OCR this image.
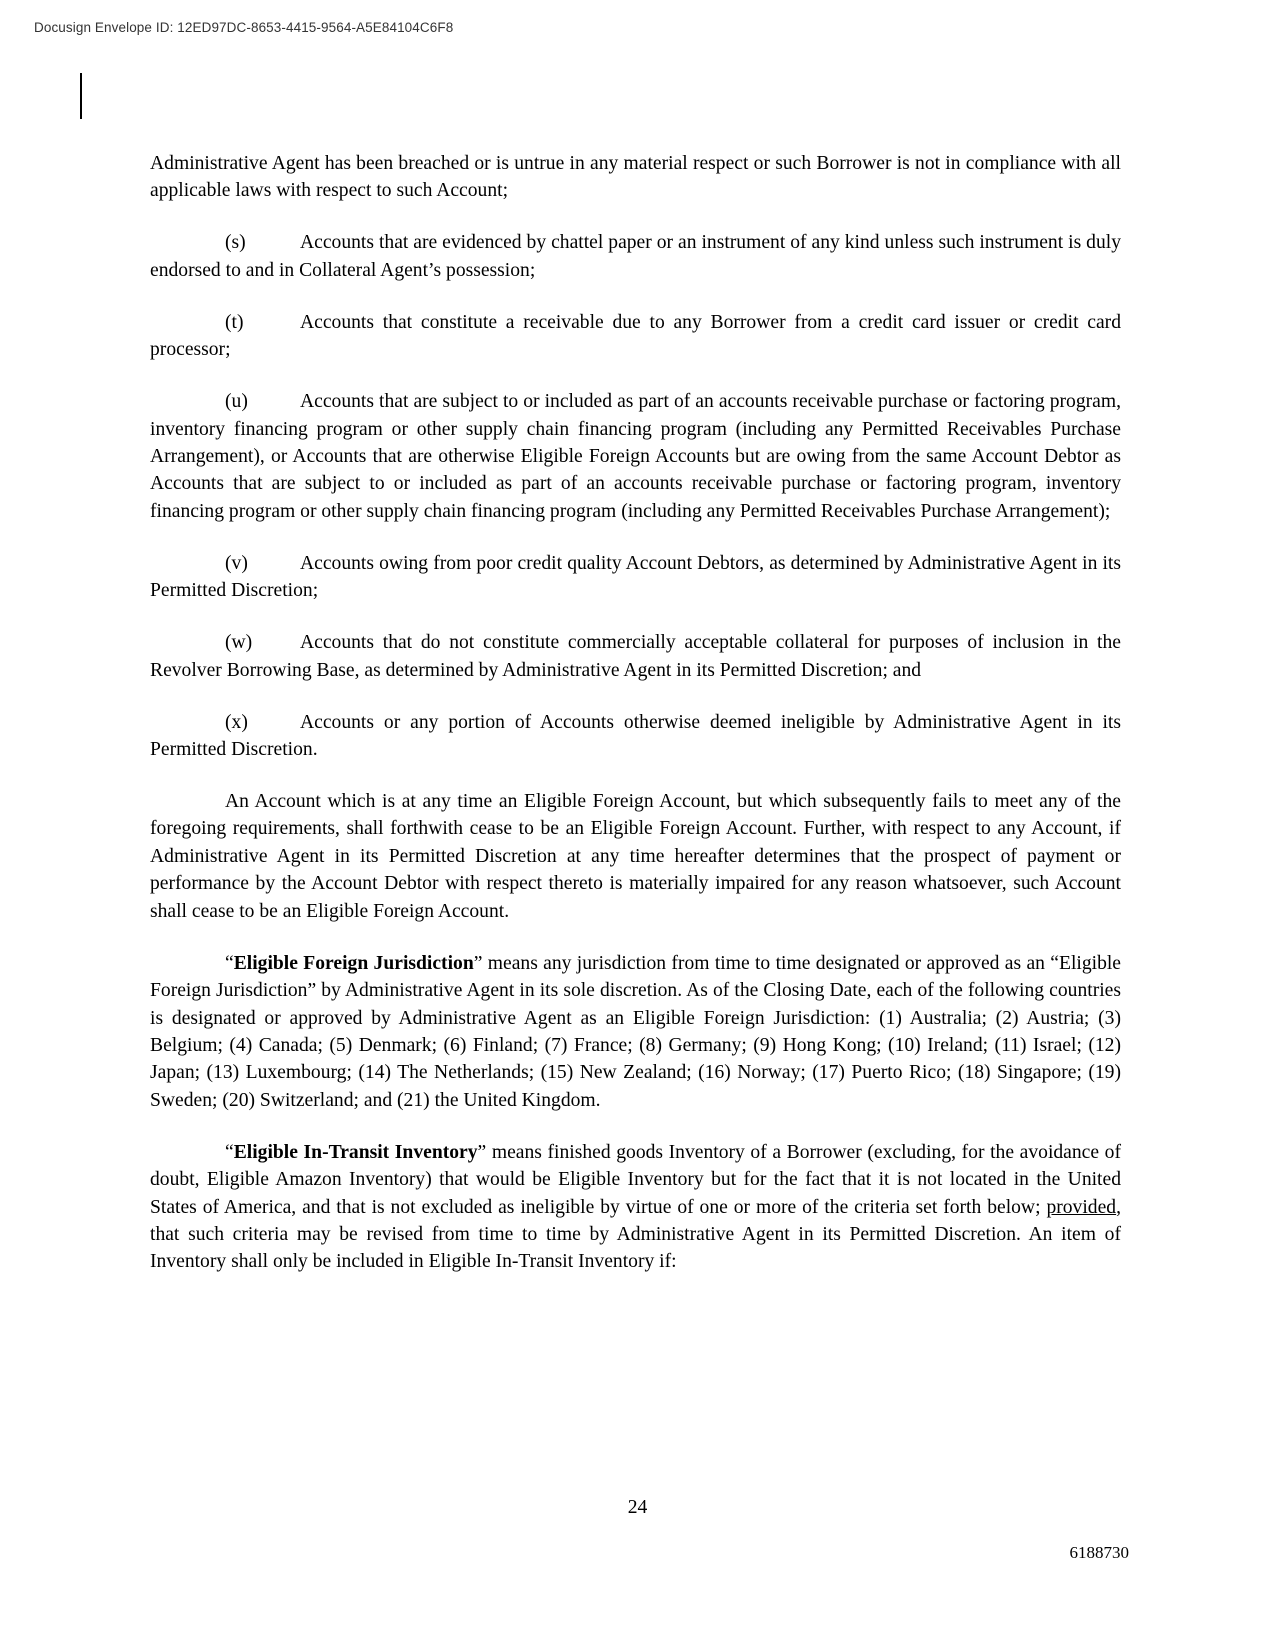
Docusign Envelope ID: 12ED97DC-8653-4415-9564-A5E84104C6F8

Administrative Agent has been breached or is untrue in any material respect or such Borrower is not in compliance with all applicable laws with respect to such Account;

(s)	Accounts that are evidenced by chattel paper or an instrument of any kind unless such instrument is duly endorsed to and in Collateral Agent’s possession;

(t)	Accounts that constitute a receivable due to any Borrower from a credit card issuer or credit card processor;

(u)	Accounts that are subject to or included as part of an accounts receivable purchase or factoring program, inventory financing program or other supply chain financing program (including any Permitted Receivables Purchase Arrangement), or Accounts that are otherwise Eligible Foreign Accounts but are owing from the same Account Debtor as Accounts that are subject to or included as part of an accounts receivable purchase or factoring program, inventory financing program or other supply chain financing program (including any Permitted Receivables Purchase Arrangement);

(v)	Accounts owing from poor credit quality Account Debtors, as determined by Administrative Agent in its Permitted Discretion;

(w) Accounts that do not constitute commercially acceptable collateral for purposes of inclusion in the Revolver Borrowing Base, as determined by Administrative Agent in its Permitted Discretion; and

(x)	Accounts or any portion of Accounts otherwise deemed ineligible by Administrative Agent in its Permitted Discretion.

An Account which is at any time an Eligible Foreign Account, but which subsequently fails to meet any of the foregoing requirements, shall forthwith cease to be an Eligible Foreign Account. Further, with respect to any Account, if Administrative Agent in its Permitted Discretion at any time hereafter determines that the prospect of payment or performance by the Account Debtor with respect thereto is materially impaired for any reason whatsoever, such Account shall cease to be an Eligible Foreign Account.

“Eligible Foreign Jurisdiction” means any jurisdiction from time to time designated or approved as an “Eligible Foreign Jurisdiction” by Administrative Agent in its sole discretion. As of the Closing Date, each of the following countries is designated or approved by Administrative Agent as an Eligible Foreign Jurisdiction: (1) Australia; (2) Austria; (3) Belgium; (4) Canada; (5) Denmark; (6) Finland; (7) France; (8) Germany; (9) Hong Kong; (10) Ireland; (11) Israel; (12) Japan; (13) Luxembourg; (14) The Netherlands; (15) New Zealand; (16) Norway; (17) Puerto Rico; (18) Singapore; (19) Sweden; (20) Switzerland; and (21) the United Kingdom.

“Eligible In-Transit Inventory” means finished goods Inventory of a Borrower (excluding, for the avoidance of doubt, Eligible Amazon Inventory) that would be Eligible Inventory but for the fact that it is not located in the United States of America, and that is not excluded as ineligible by virtue of one or more of the criteria set forth below; provided, that such criteria may be revised from time to time by Administrative Agent in its Permitted Discretion. An item of Inventory shall only be included in Eligible In-Transit Inventory if:

24
6188730
